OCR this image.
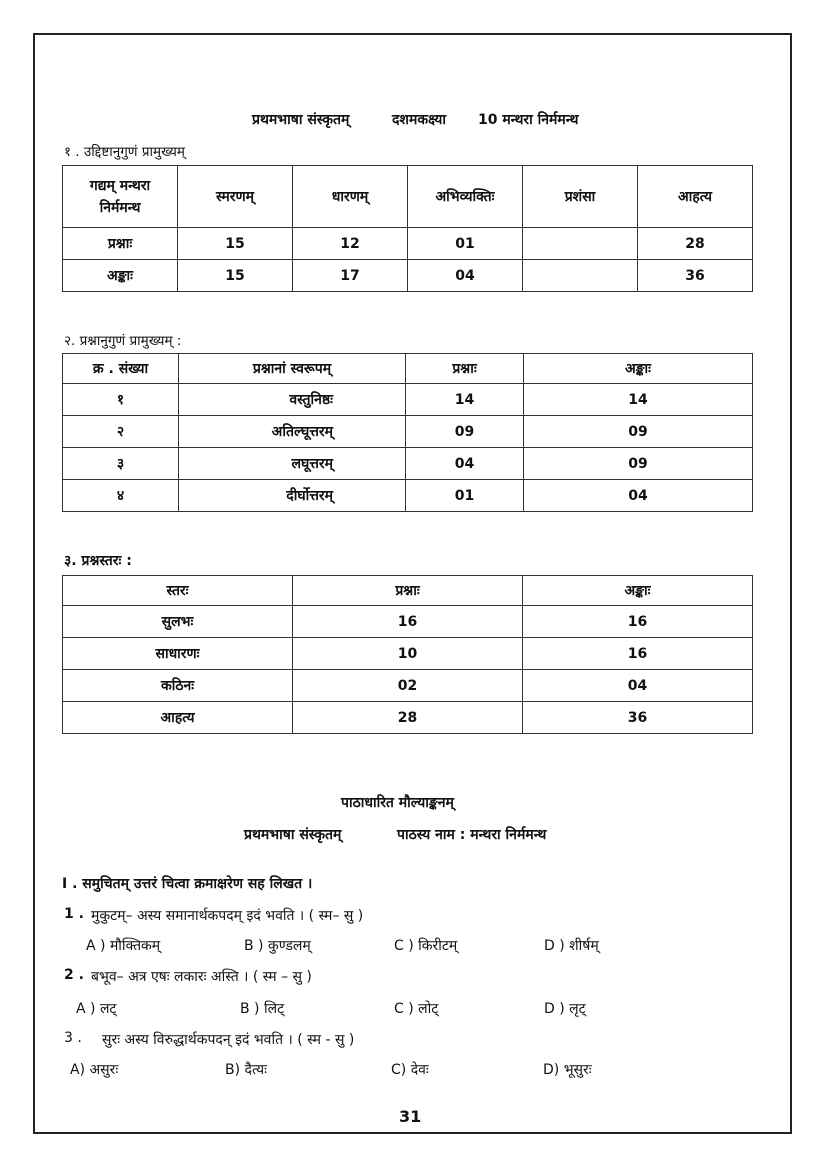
प्रथमभाषा संस्कृतम्	दशमकक्ष्या 10 मन्थरा निर्ममन्थ
१ . उद्दिष्टानुगुणं प्रामुख्यम्
गद्यम् मन्थरा निर्ममन्थ	स्मरणम्	धारणम्	अभिव्यक्तिः	प्रशंसा	आहत्य
प्रश्नाः	15	12	01		28
अङ्काः	15	17	04		36
२. प्रश्नानुगुणं प्रामुख्यम् :
क्र . संख्या	प्रश्नानां स्वरूपम्	प्रश्नाः	अङ्काः
१	वस्तुनिष्ठः	14	14
२	अतिल्घूत्तरम्	09	09
३	लघूत्तरम्	04	09
४	दीर्घोत्तरम्	01	04
३. प्रश्नस्तरः :
स्तरः	प्रश्नाः	अङ्काः
सुलभः	16	16
साधारणः	10	16
कठिनः	02	04
आहत्य	28	36
पाठाधारित मौल्याङ्कनम्
प्रथमभाषा संस्कृतम्	पाठस्य नाम : मन्थरा निर्ममन्थ
I . समुचितम् उत्तरं चित्वा क्रमाक्षरेण सह लिखत ।
1 . मुकुटम्– अस्य समानार्थकपदम् इदं भवति । ( स्म– सु )
A ) मौक्तिकम्	B ) कुण्डलम्	C ) किरीटम्	D ) शीर्षम्
2 . बभूव– अत्र एषः लकारः अस्ति । ( स्म – सु )
A ) लट्	B ) लिट्	C ) लोट्	D ) लृट्
3 . सुरः अस्य विरुद्धार्थकपदन् इदं भवति । ( स्म - सु )
A) असुरः	B) दैत्यः	C) देवः	D) भूसुरः
31
